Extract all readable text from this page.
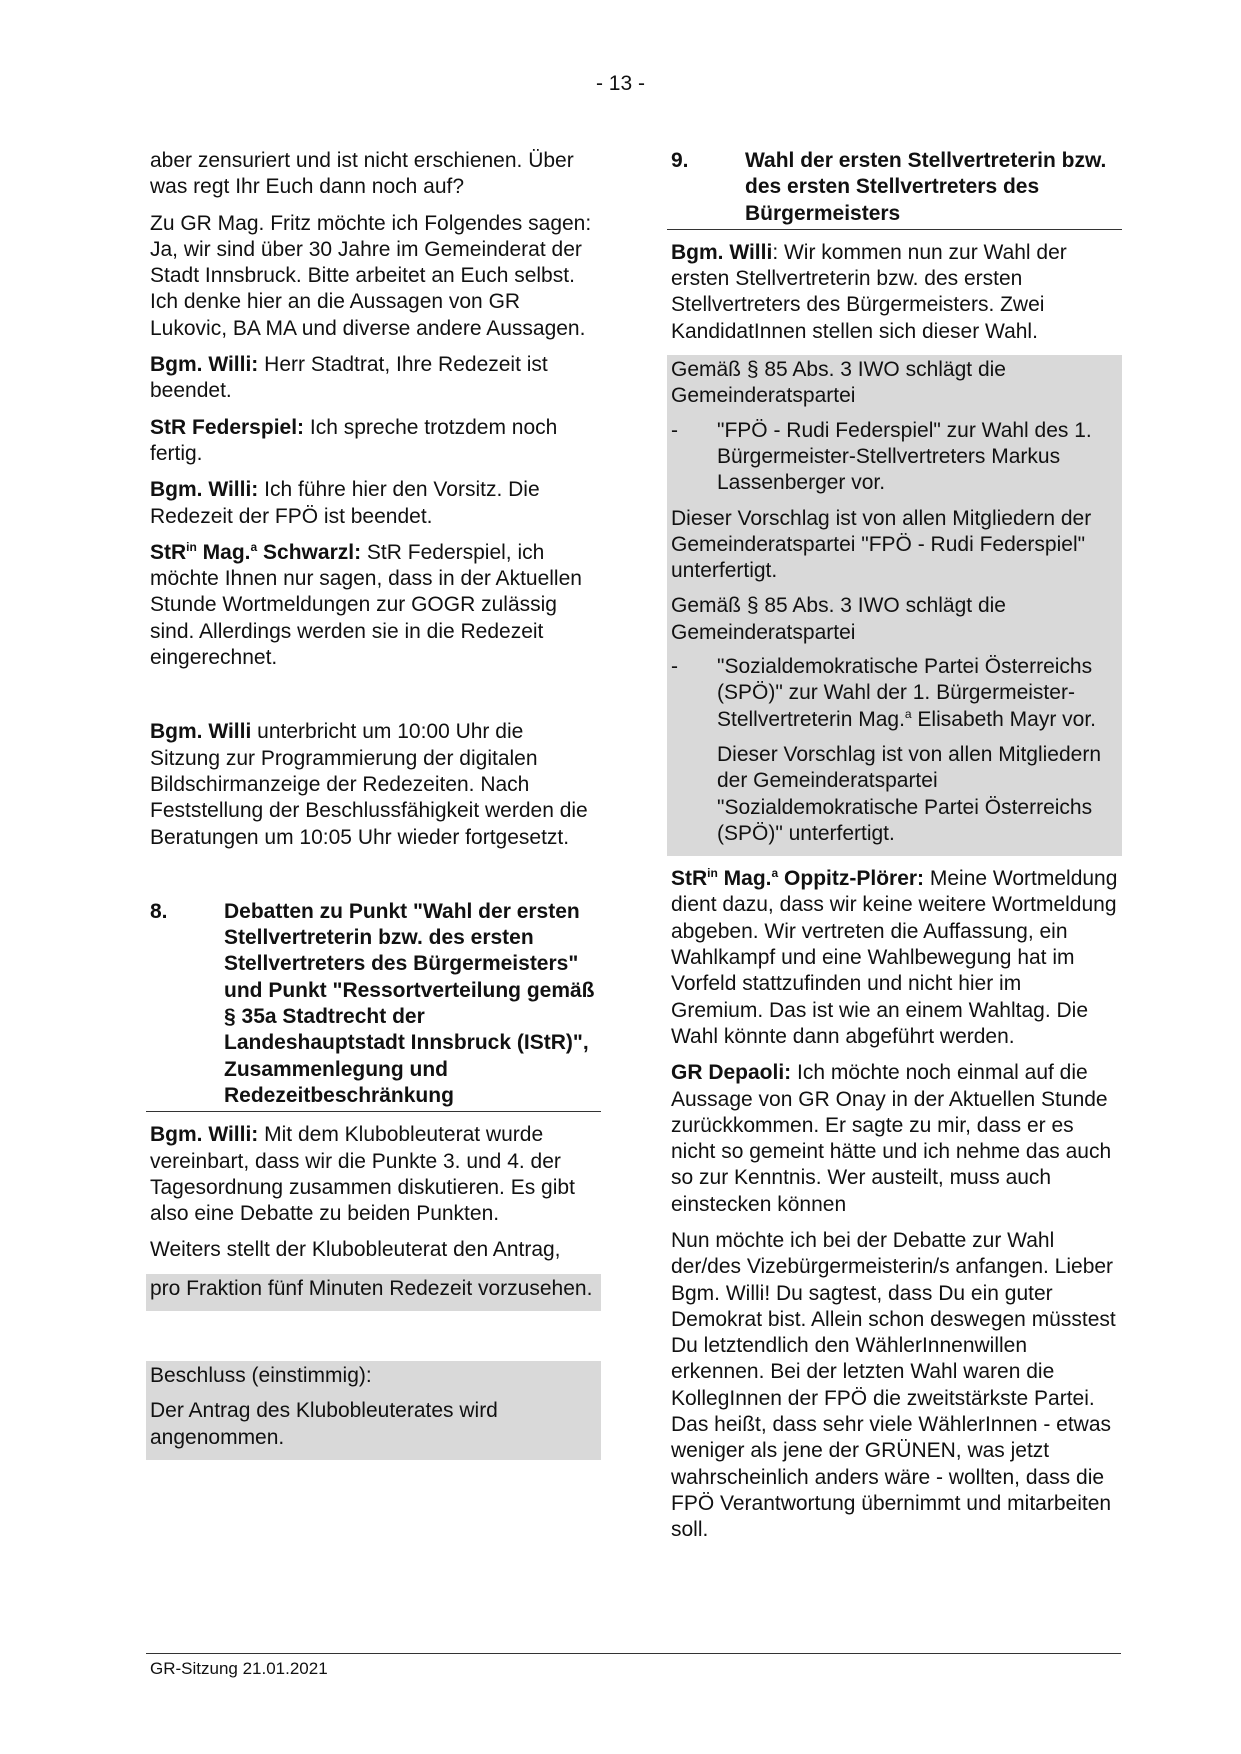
- 13 -

aber zensuriert und ist nicht erschienen. Über was regt Ihr Euch dann noch auf?

Zu GR Mag. Fritz möchte ich Folgendes sagen: Ja, wir sind über 30 Jahre im Gemeinderat der Stadt Innsbruck. Bitte arbeitet an Euch selbst. Ich denke hier an die Aussagen von GR Lukovic, BA MA und diverse andere Aussagen.

Bgm. Willi: Herr Stadtrat, Ihre Redezeit ist beendet.

StR Federspiel: Ich spreche trotzdem noch fertig.

Bgm. Willi: Ich führe hier den Vorsitz. Die Redezeit der FPÖ ist beendet.

StR$^{in}$ Mag.$^a$ Schwarzl: StR Federspiel, ich möchte Ihnen nur sagen, dass in der Aktuellen Stunde Wortmeldungen zur GOGR zulässig sind. Allerdings werden sie in die Redezeit eingerechnet.

Bgm. Willi unterbricht um 10:00 Uhr die Sitzung zur Programmierung der digitalen Bildschirmanzeige der Redezeiten. Nach Feststellung der Beschlussfähigkeit werden die Beratungen um 10:05 Uhr wieder fortgesetzt.

8.	Debatten zu Punkt "Wahl der ersten Stellvertreterin bzw. des ersten Stellvertreters des Bürgermeisters" und Punkt "Ressortverteilung gemäß § 35a Stadtrecht der Landeshauptstadt Innsbruck (IStR)", Zusammenlegung und Redezeitbeschränkung

Bgm. Willi: Mit dem Klubobleuterat wurde vereinbart, dass wir die Punkte 3. und 4. der Tagesordnung zusammen diskutieren. Es gibt also eine Debatte zu beiden Punkten.

Weiters stellt der Klubobleuterat den Antrag,

pro Fraktion fünf Minuten Redezeit vorzusehen.

Beschluss (einstimmig):

Der Antrag des Klubobleuterates wird angenommen.

9.	Wahl der ersten Stellvertreterin bzw. des ersten Stellvertreters des Bürgermeisters

Bgm. Willi: Wir kommen nun zur Wahl der ersten Stellvertreterin bzw. des ersten Stellvertreters des Bürgermeisters. Zwei KandidatInnen stellen sich dieser Wahl.

Gemäß § 85 Abs. 3 IWO schlägt die Gemeinderatspartei

-	"FPÖ - Rudi Federspiel" zur Wahl des 1. Bürgermeister-Stellvertreters Markus Lassenberger vor.

Dieser Vorschlag ist von allen Mitgliedern der Gemeinderatspartei "FPÖ - Rudi Federspiel" unterfertigt.

Gemäß § 85 Abs. 3 IWO schlägt die Gemeinderatspartei

-	"Sozialdemokratische Partei Österreichs (SPÖ)" zur Wahl der 1. Bürgermeister-Stellvertreterin Mag.$^a$ Elisabeth Mayr vor.

Dieser Vorschlag ist von allen Mitgliedern der Gemeinderatspartei "Sozialdemokratische Partei Österreichs (SPÖ)" unterfertigt.

StR$^{in}$ Mag.$^a$ Oppitz-Plörer: Meine Wortmeldung dient dazu, dass wir keine weitere Wortmeldung abgeben. Wir vertreten die Auffassung, ein Wahlkampf und eine Wahlbewegung hat im Vorfeld stattzufinden und nicht hier im Gremium. Das ist wie an einem Wahltag. Die Wahl könnte dann abgeführt werden.

GR Depaoli: Ich möchte noch einmal auf die Aussage von GR Onay in der Aktuellen Stunde zurückkommen. Er sagte zu mir, dass er es nicht so gemeint hätte und ich nehme das auch so zur Kenntnis. Wer austeilt, muss auch einstecken können

Nun möchte ich bei der Debatte zur Wahl der/des Vizebürgermeisterin/s anfangen. Lieber Bgm. Willi! Du sagtest, dass Du ein guter Demokrat bist. Allein schon deswegen müsstest Du letztendlich den WählerInnenwillen erkennen. Bei der letzten Wahl waren die KollegInnen der FPÖ die zweitstärkste Partei. Das heißt, dass sehr viele WählerInnen - etwas weniger als jene der GRÜNEN, was jetzt wahrscheinlich anders wäre - wollten, dass die FPÖ Verantwortung übernimmt und mitarbeiten soll.

GR-Sitzung 21.01.2021
